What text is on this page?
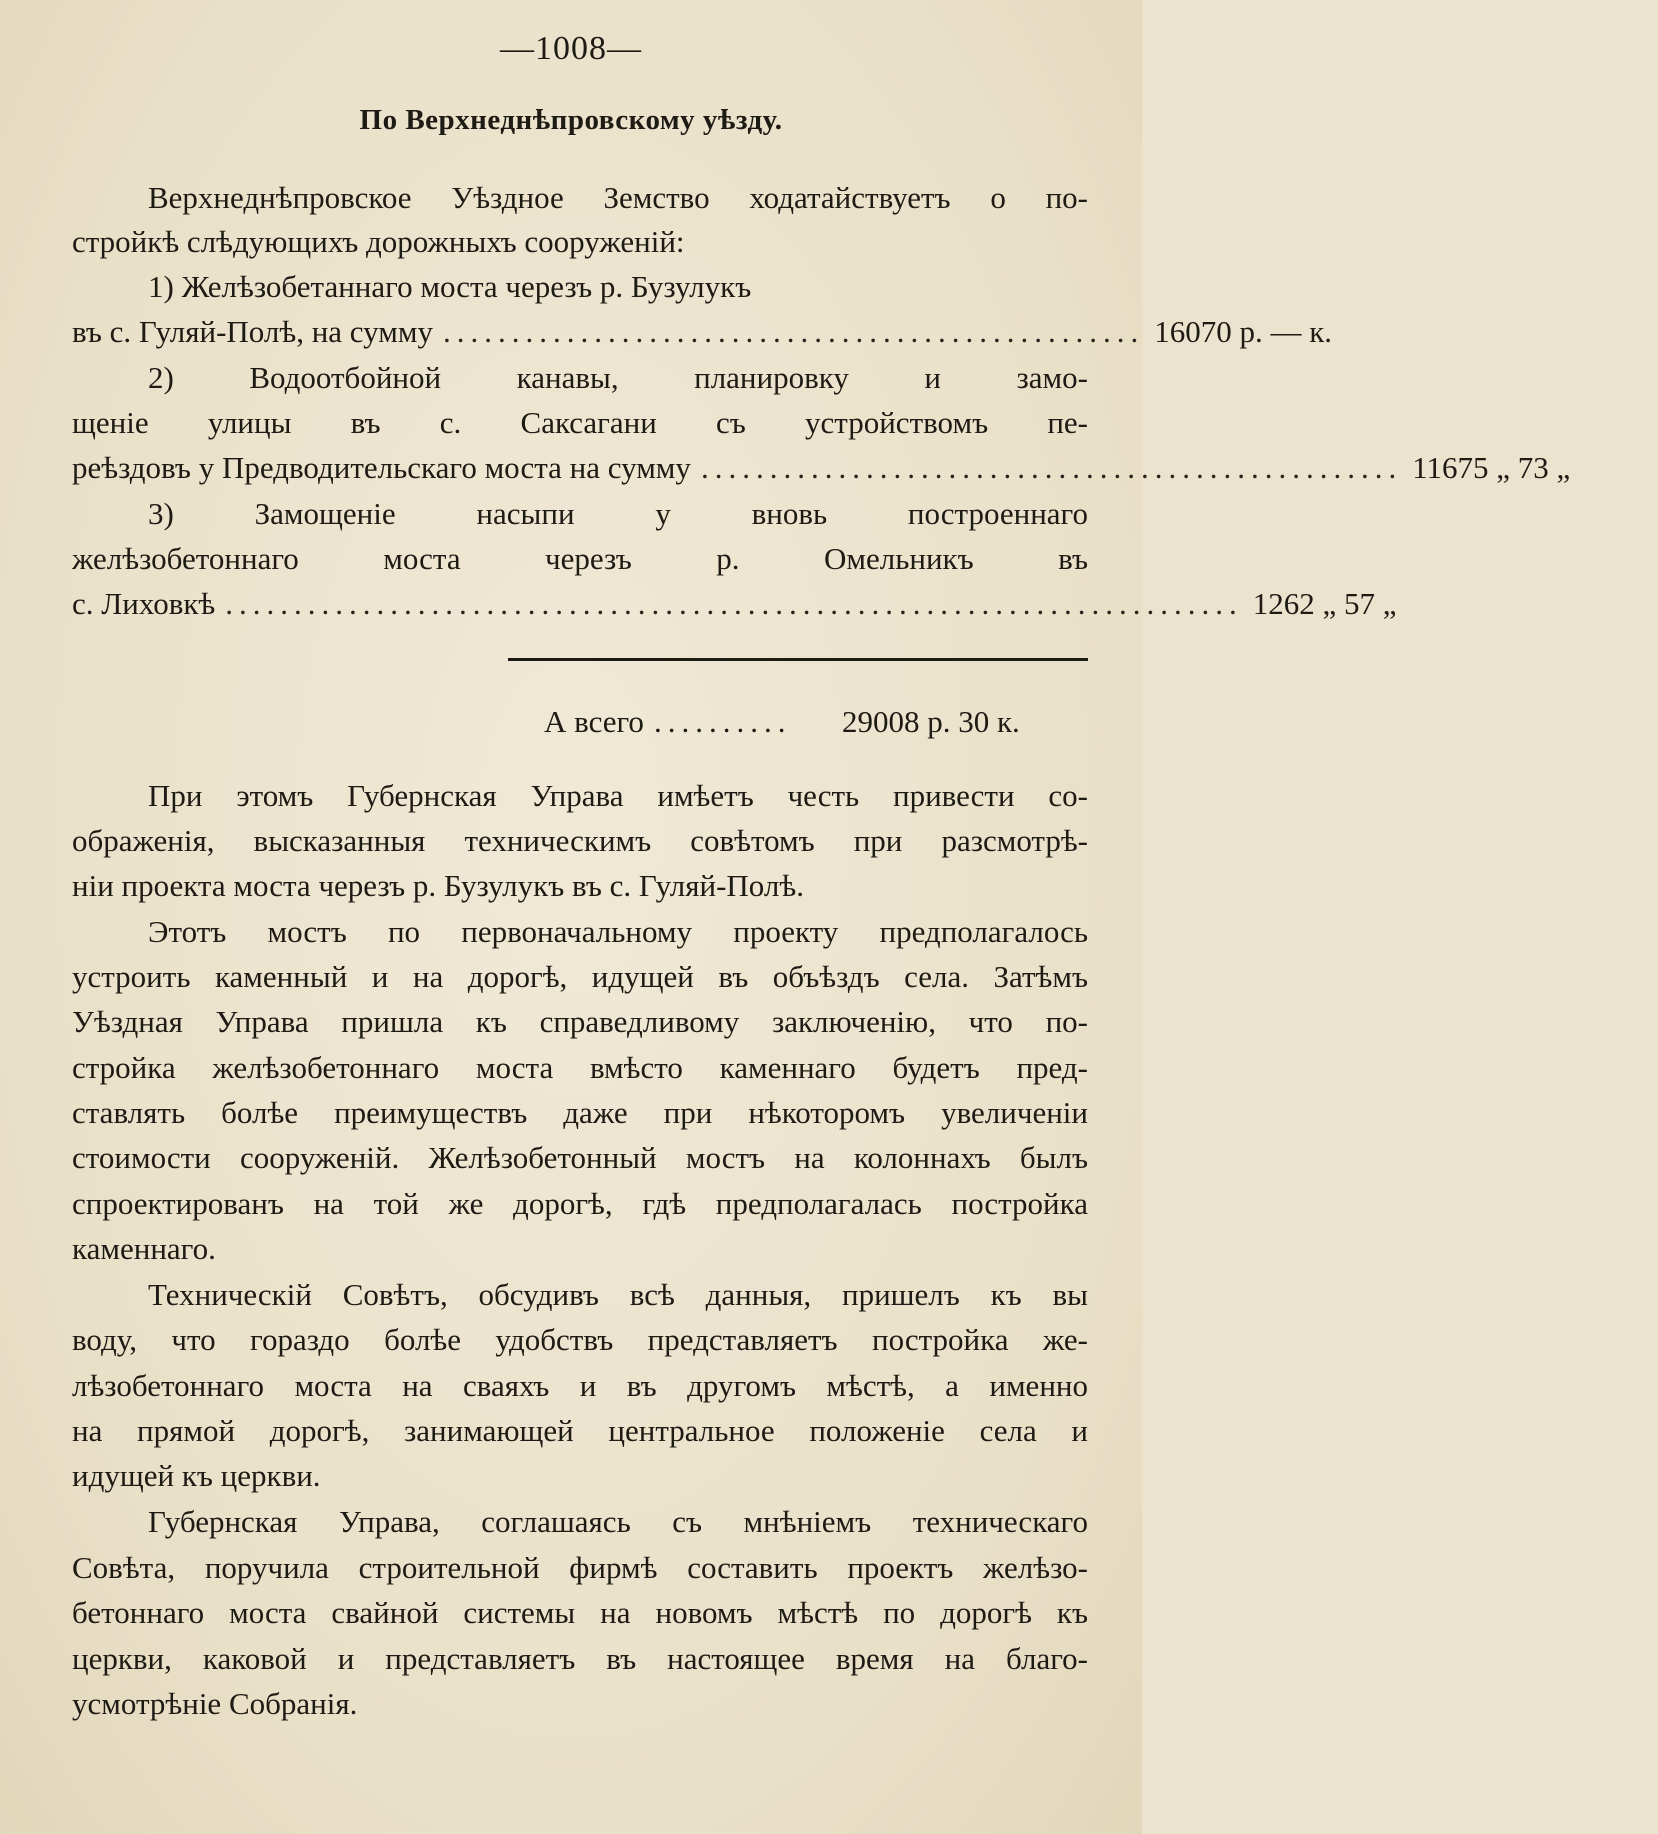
—1008—
По Верхнеднѣпровскому уѣзду.
Верхнеднѣпровское Уѣздное Земство ходатайствуетъ о по-
стройкѣ слѣдующихъ дорожныхъ сооруженій:
1) Желѣзобетаннаго моста черезъ р. Бузулукъ
въ с. Гуляй-Полѣ, на сумму ................................................... 16070 р. — к.
2) Водоотбойной канавы, планировку и замо-
щеніе улицы въ с. Саксагани съ устройствомъ пе-
реѣздовъ у Предводительскаго моста на сумму ................................................... 11675 „ 73 „
3) Замощеніе насыпи у вновь построеннаго
желѣзобетоннаго моста черезъ р. Омельникъ въ
с. Лиховкѣ .......................................................................... 1262 „ 57 „
А всего ..........	29008 р. 30 к.
При этомъ Губернская Управа имѣетъ честь привести со-
ображенія, высказанныя техническимъ совѣтомъ при разсмотрѣ-
ніи проекта моста черезъ р. Бузулукъ въ с. Гуляй-Полѣ.
Этотъ мостъ по первоначальному проекту предполагалось
устроить каменный и на дорогѣ, идущей въ объѣздъ села. Затѣмъ
Уѣздная Управа пришла къ справедливому заключенію, что по-
стройка желѣзобетоннаго моста вмѣсто каменнаго будетъ пред-
ставлять болѣе преимуществъ даже при нѣкоторомъ увеличеніи
стоимости сооруженій. Желѣзобетонный мостъ на колоннахъ былъ
спроектированъ на той же дорогѣ, гдѣ предполагалась постройка
каменнаго.
Техническій Совѣтъ, обсудивъ всѣ данныя, пришелъ къ вы
воду, что гораздо болѣе удобствъ представляетъ постройка же-
лѣзобетоннаго моста на сваяхъ и въ другомъ мѣстѣ, а именно
на прямой дорогѣ, занимающей центральное положеніе села и
идущей къ церкви.
Губернская Управа, соглашаясь съ мнѣніемъ техническаго
Совѣта, поручила строительной фирмѣ составить проектъ желѣзо-
бетоннаго моста свайной системы на новомъ мѣстѣ по дорогѣ къ
церкви, каковой и представляетъ въ настоящее время на благо-
усмотрѣніе Собранія.
